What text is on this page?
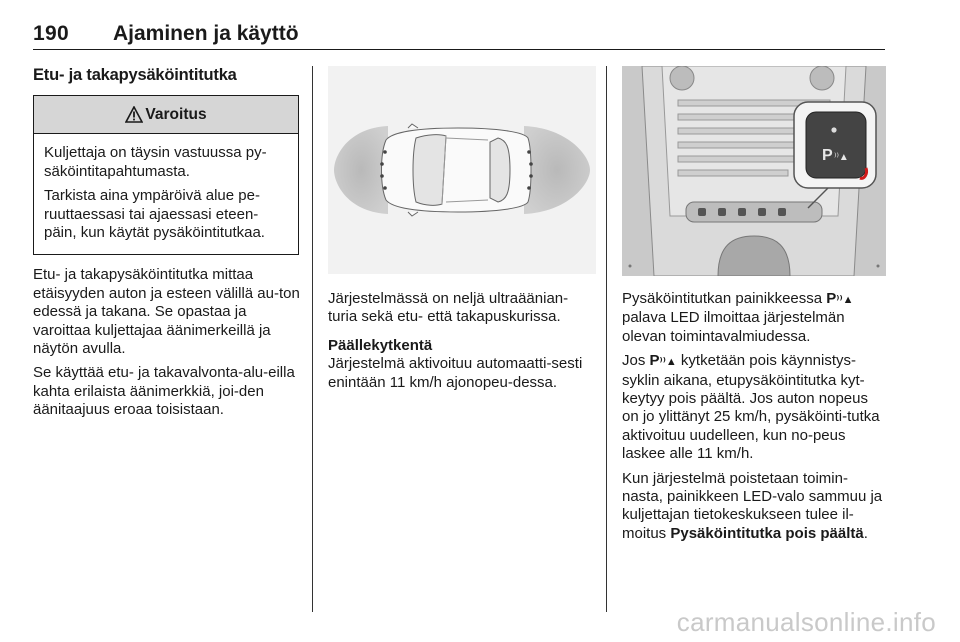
190 Ajaminen ja käyttö
Etu- ja takapysäköintitutka
Varoitus

Kuljettaja on täysin vastuussa py-säköintitapahtumasta.

Tarkista aina ympäröivä alue pe-ruuttaessasi tai ajaessasi eteen-päin, kun käytät pysäköintitutkaa.

Etu- ja takapysäköintitutka mittaa etäisyyden auton ja esteen välillä au-ton edessä ja takana. Se opastaa ja varoittaa kuljettajaa äänimerkeillä ja näytön avulla.

Se käyttää etu- ja takavalvonta-alu-eilla kahta erilaista äänimerkkiä, joi-den äänitaajuus eroaa toisistaan.

Järjestelmässä on neljä ultraäänian-turia sekä etu- että takapuskurissa.

Päällekytkentä

Järjestelmä aktivoituu automaatti-sesti enintään 11 km/h ajonopeu-dessa.

P ⁾⁾▲

Pysäköintitutkan painikkeessa P⁾⁾▲ palava LED ilmoittaa järjestelmän olevan toimintavalmiudessa.

Jos P⁾⁾▲ kytketään pois käynnistys-syklin aikana, etupysäköintitutka kyt-keytyy pois päältä. Jos auton nopeus on jo ylittänyt 25 km/h, pysäköinti-tutka aktivoituu uudelleen, kun no-peus laskee alle 11 km/h.

Kun järjestelmä poistetaan toimin-nasta, painikkeen LED-valo sammuu ja kuljettajan tietokeskukseen tulee il-moitus Pysäköintitutka pois päältä.

carmanualsonline.info
